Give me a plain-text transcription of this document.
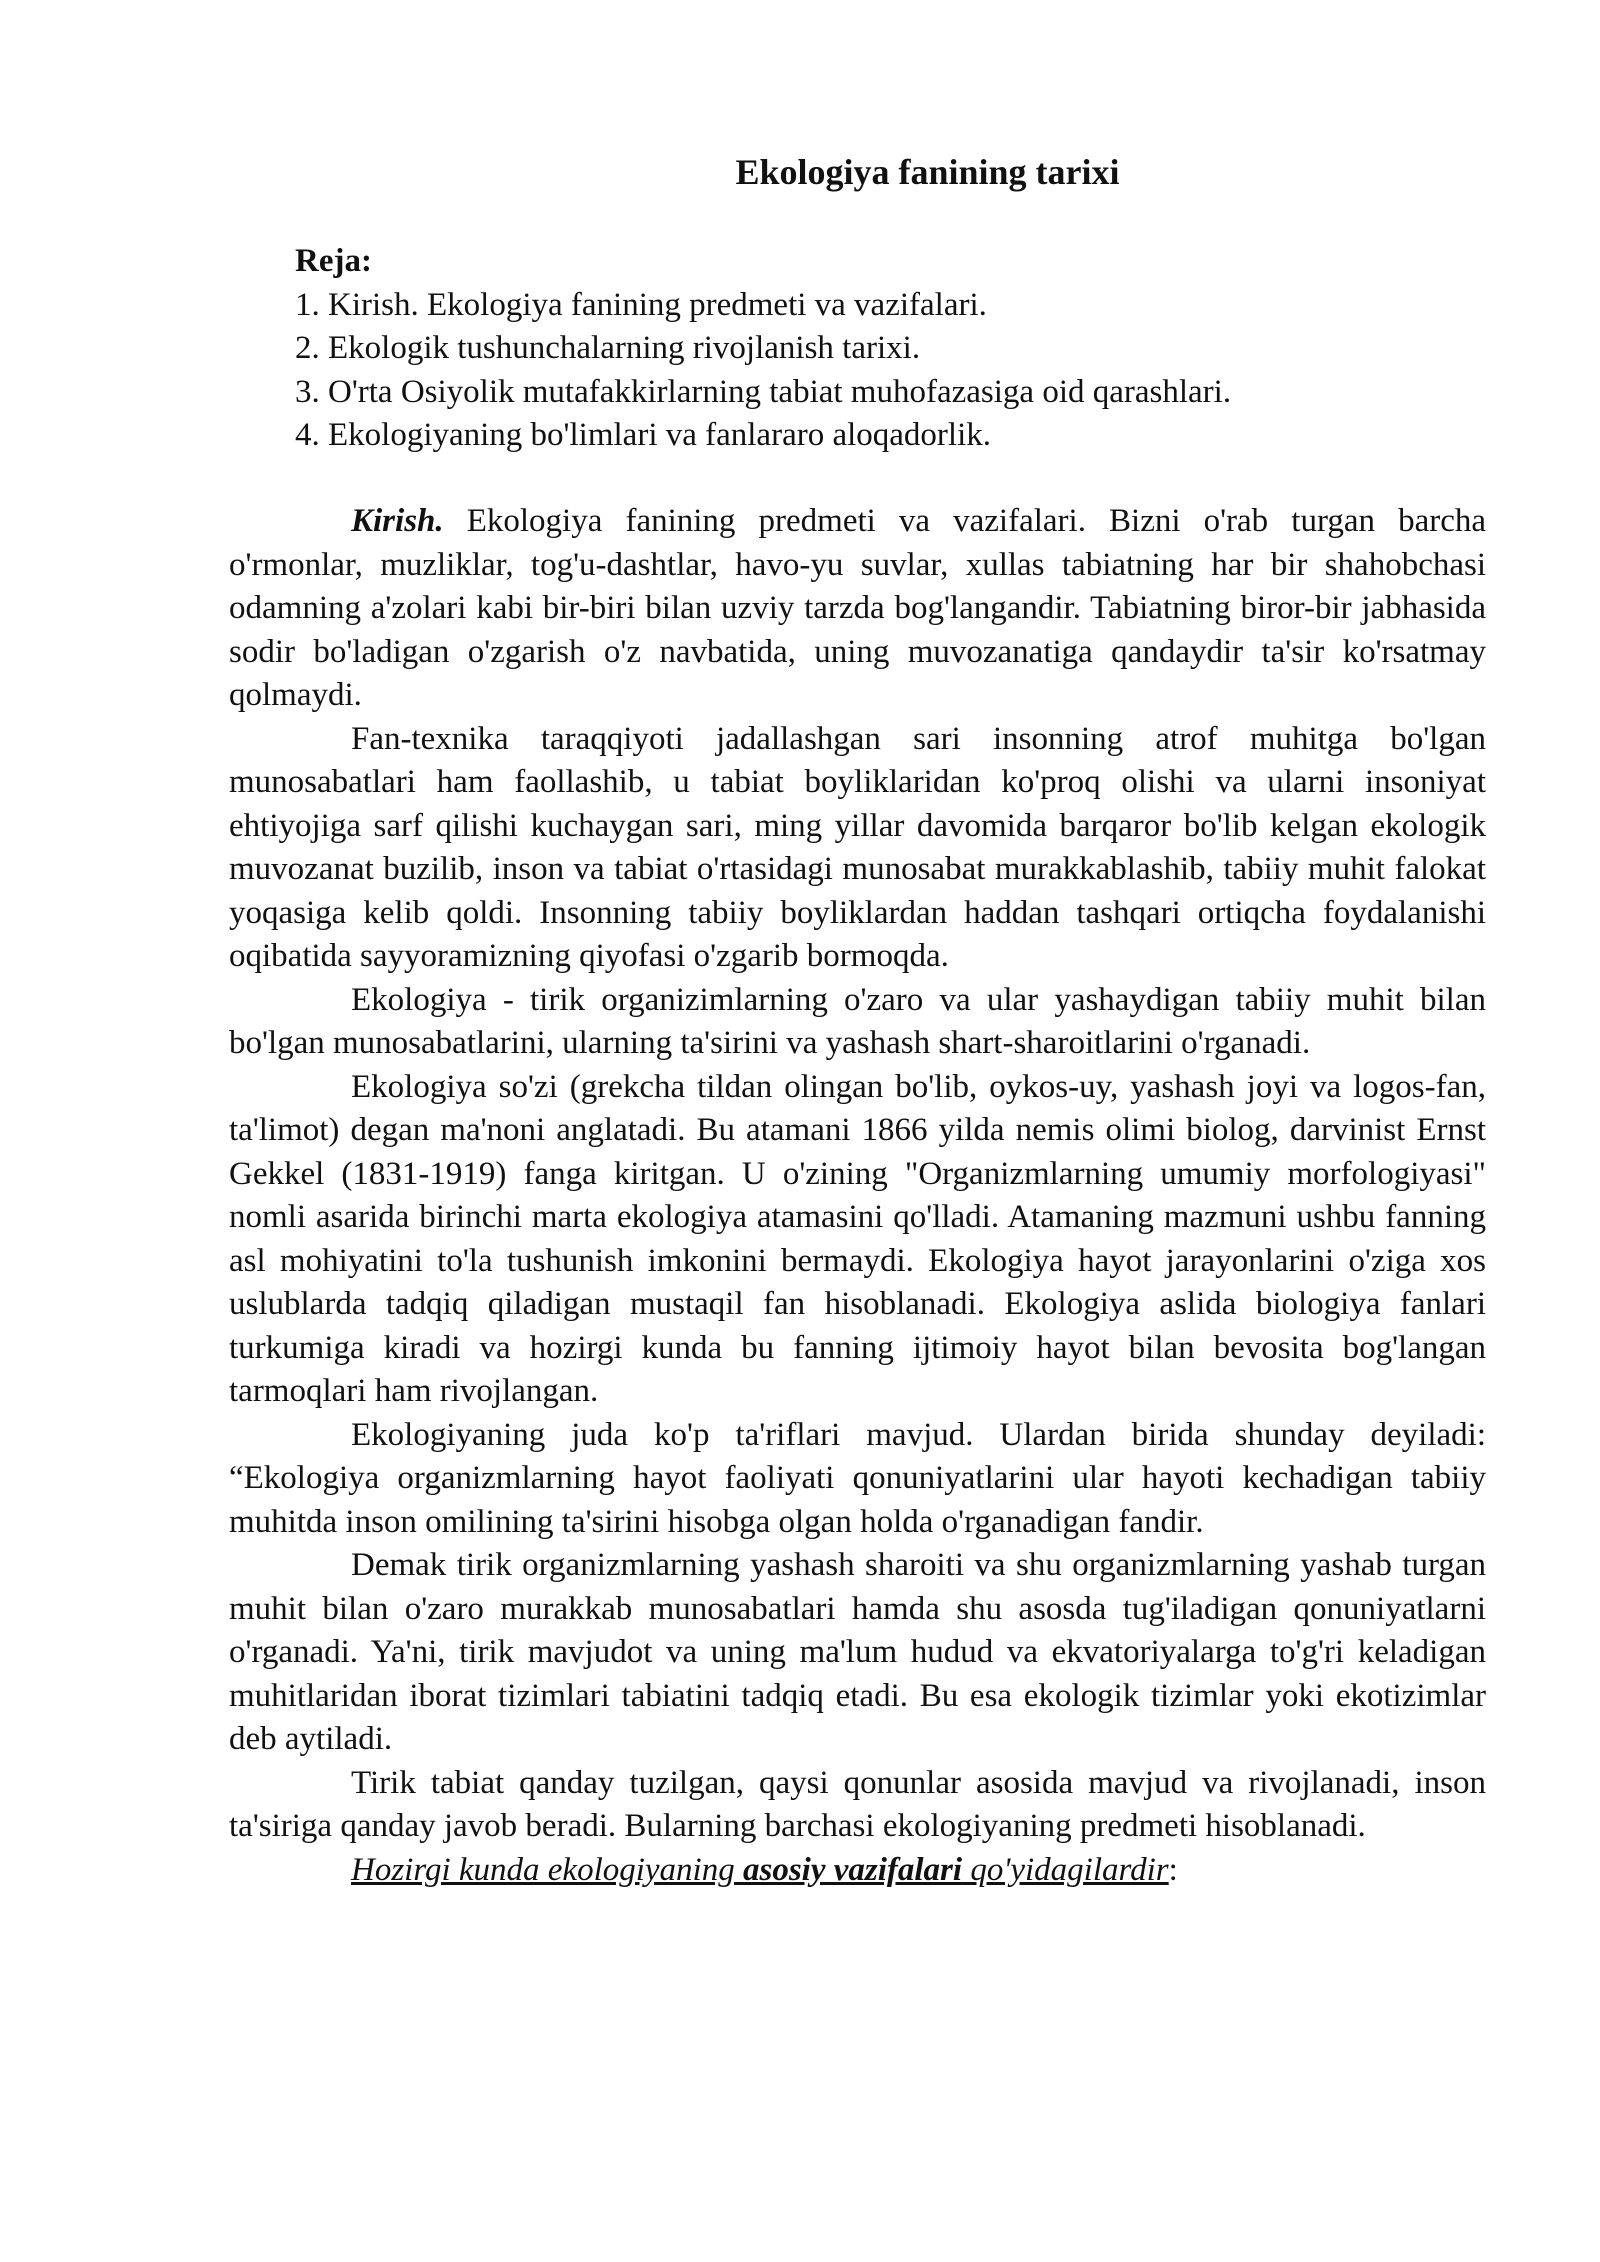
Ekologiya fanining tarixi
Reja:
1. Kirish. Ekologiya fanining predmeti va vazifalari.
2. Ekologik tushunchalarning rivojlanish tarixi.
3. O'rta Osiyolik mutafakkirlarning tabiat muhofazasiga oid qarashlari.
4. Ekologiyaning bo'limlari va fanlararo aloqadorlik.

Kirish. Ekologiya fanining predmeti va vazifalari. Bizni o'rab turgan barcha o'rmonlar, muzliklar, tog'u-dashtlar, havo-yu suvlar, xullas tabiatning har bir shahobchasi odamning a'zolari kabi bir-biri bilan uzviy tarzda bog'langandir. Tabiatning biror-bir jabhasida sodir bo'ladigan o'zgarish o'z navbatida, uning muvozanatiga qandaydir ta'sir ko'rsatmay qolmaydi.

Fan-texnika taraqqiyoti jadallashgan sari insonning atrof muhitga bo'lgan munosabatlari ham faollashib, u tabiat boyliklaridan ko'proq olishi va ularni insoniyat ehtiyojiga sarf qilishi kuchaygan sari, ming yillar davomida barqaror bo'lib kelgan ekologik muvozanat buzilib, inson va tabiat o'rtasidagi munosabat murakkablashib, tabiiy muhit falokat yoqasiga kelib qoldi. Insonning tabiiy boyliklardan haddan tashqari ortiqcha foydalanishi oqibatida sayyoramizning qiyofasi o'zgarib bormoqda.

Ekologiya - tirik organizimlarning o'zaro va ular yashaydigan tabiiy muhit bilan bo'lgan munosabatlarini, ularning ta'sirini va yashash shart-sharoitlarini o'rganadi.

Ekologiya so'zi (grekcha tildan olingan bo'lib, oykos-uy, yashash joyi va logos-fan, ta'limot) degan ma'noni anglatadi. Bu atamani 1866 yilda nemis olimi biolog, darvinist Ernst Gekkel (1831-1919) fanga kiritgan. U o'zining "Organizmlarning umumiy morfologiyasi" nomli asarida birinchi marta ekologiya atamasini qo'lladi. Atamaning mazmuni ushbu fanning asl mohiyatini to'la tushunish imkonini bermaydi. Ekologiya hayot jarayonlarini o'ziga xos uslublarda tadqiq qiladigan mustaqil fan hisoblanadi. Ekologiya aslida biologiya fanlari turkumiga kiradi va hozirgi kunda bu fanning ijtimoiy hayot bilan bevosita bog'langan tarmoqlari ham rivojlangan.

Ekologiyaning juda ko'p ta'riflari mavjud. Ulardan birida shunday deyiladi: “Ekologiya organizmlarning hayot faoliyati qonuniyatlarini ular hayoti kechadigan tabiiy muhitda inson omilining ta'sirini hisobga olgan holda o'rganadigan fandir.

Demak tirik organizmlarning yashash sharoiti va shu organizmlarning yashab turgan muhit bilan o'zaro murakkab munosabatlari hamda shu asosda tug'iladigan qonuniyatlarni o'rganadi. Ya'ni, tirik mavjudot va uning ma'lum hudud va ekvatoriyalarga to'g'ri keladigan muhitlaridan iborat tizimlari tabiatini tadqiq etadi. Bu esa ekologik tizimlar yoki ekotizimlar deb aytiladi.

Tirik tabiat qanday tuzilgan, qaysi qonunlar asosida mavjud va rivojlanadi, inson ta'siriga qanday javob beradi. Bularning barchasi ekologiyaning predmeti hisoblanadi.

Hozirgi kunda ekologiyaning asosiy vazifalari qo'yidagilardir:
